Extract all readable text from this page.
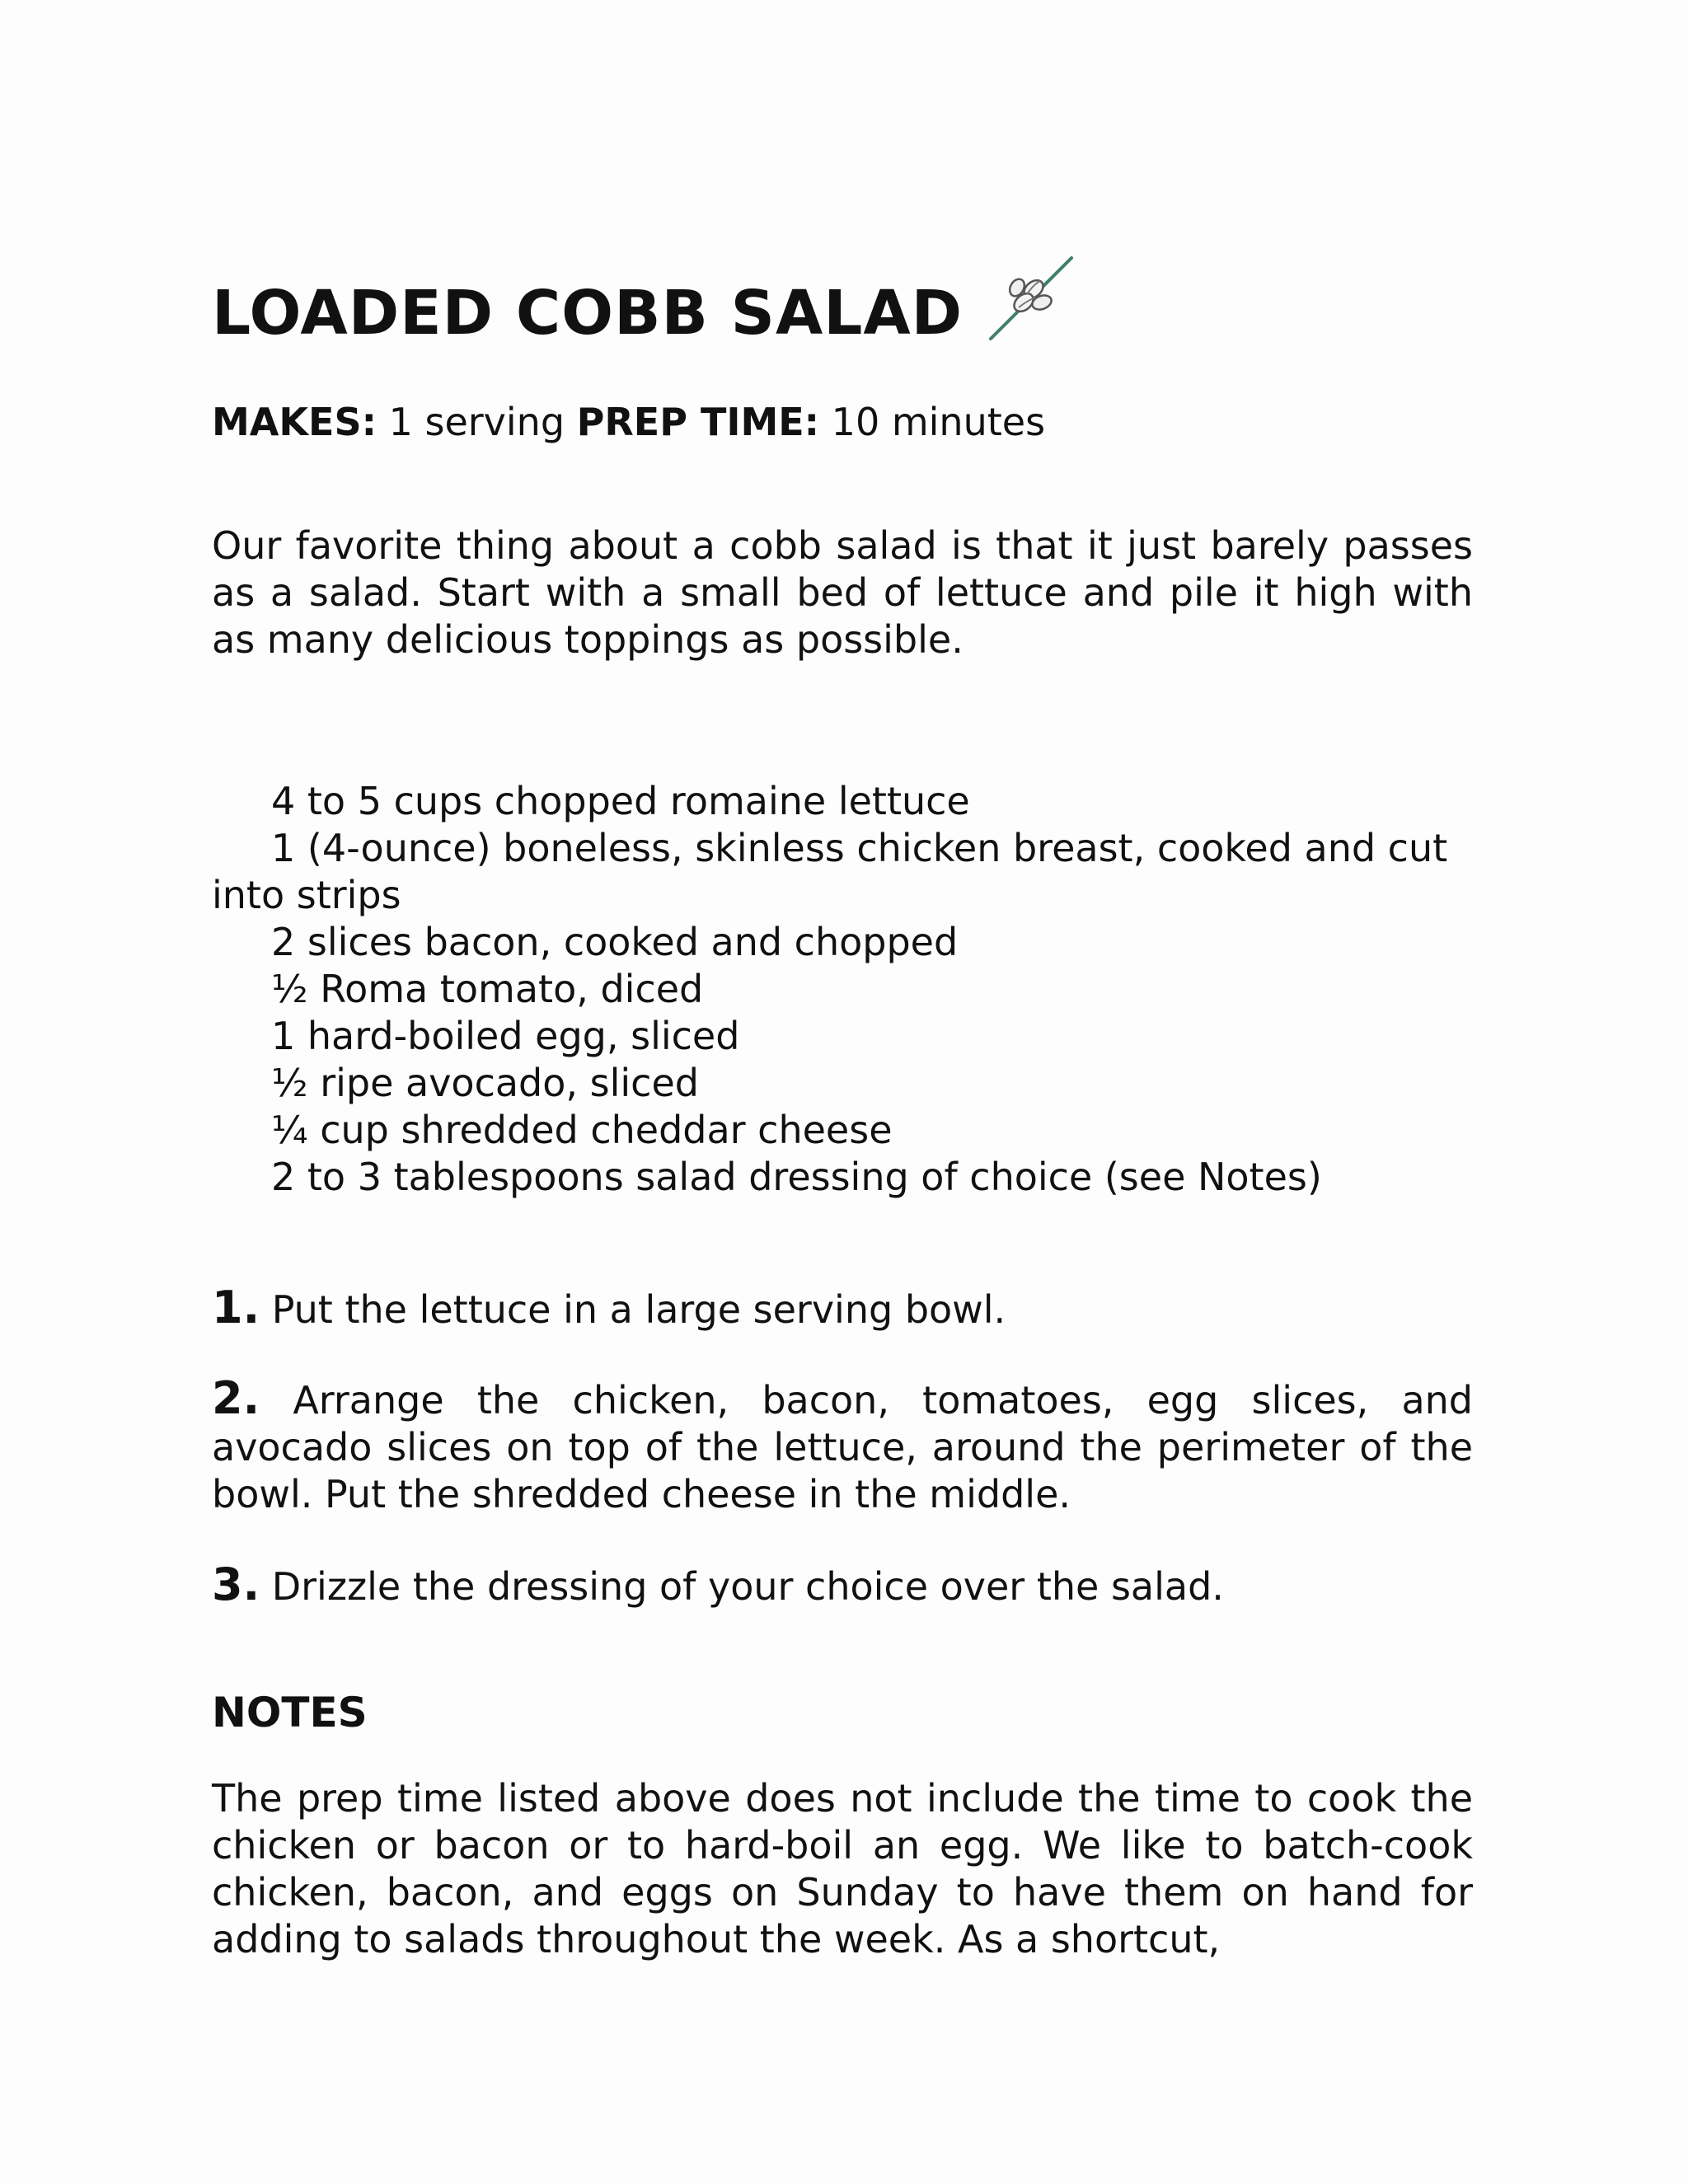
LOADED COBB SALAD
MAKES: 1 serving PREP TIME: 10 minutes

Our favorite thing about a cobb salad is that it just barely passes as a salad. Start with a small bed of lettuce and pile it high with as many delicious toppings as possible.

4 to 5 cups chopped romaine lettuce
1 (4-ounce) boneless, skinless chicken breast, cooked and cut into strips
2 slices bacon, cooked and chopped
½ Roma tomato, diced
1 hard-boiled egg, sliced
½ ripe avocado, sliced
¼ cup shredded cheddar cheese
2 to 3 tablespoons salad dressing of choice (see Notes)

1. Put the lettuce in a large serving bowl.

2. Arrange the chicken, bacon, tomatoes, egg slices, and avocado slices on top of the lettuce, around the perimeter of the bowl. Put the shredded cheese in the middle.

3. Drizzle the dressing of your choice over the salad.

NOTES

The prep time listed above does not include the time to cook the chicken or bacon or to hard-boil an egg. We like to batch-cook chicken, bacon, and eggs on Sunday to have them on hand for adding to salads throughout the week. As a shortcut,
